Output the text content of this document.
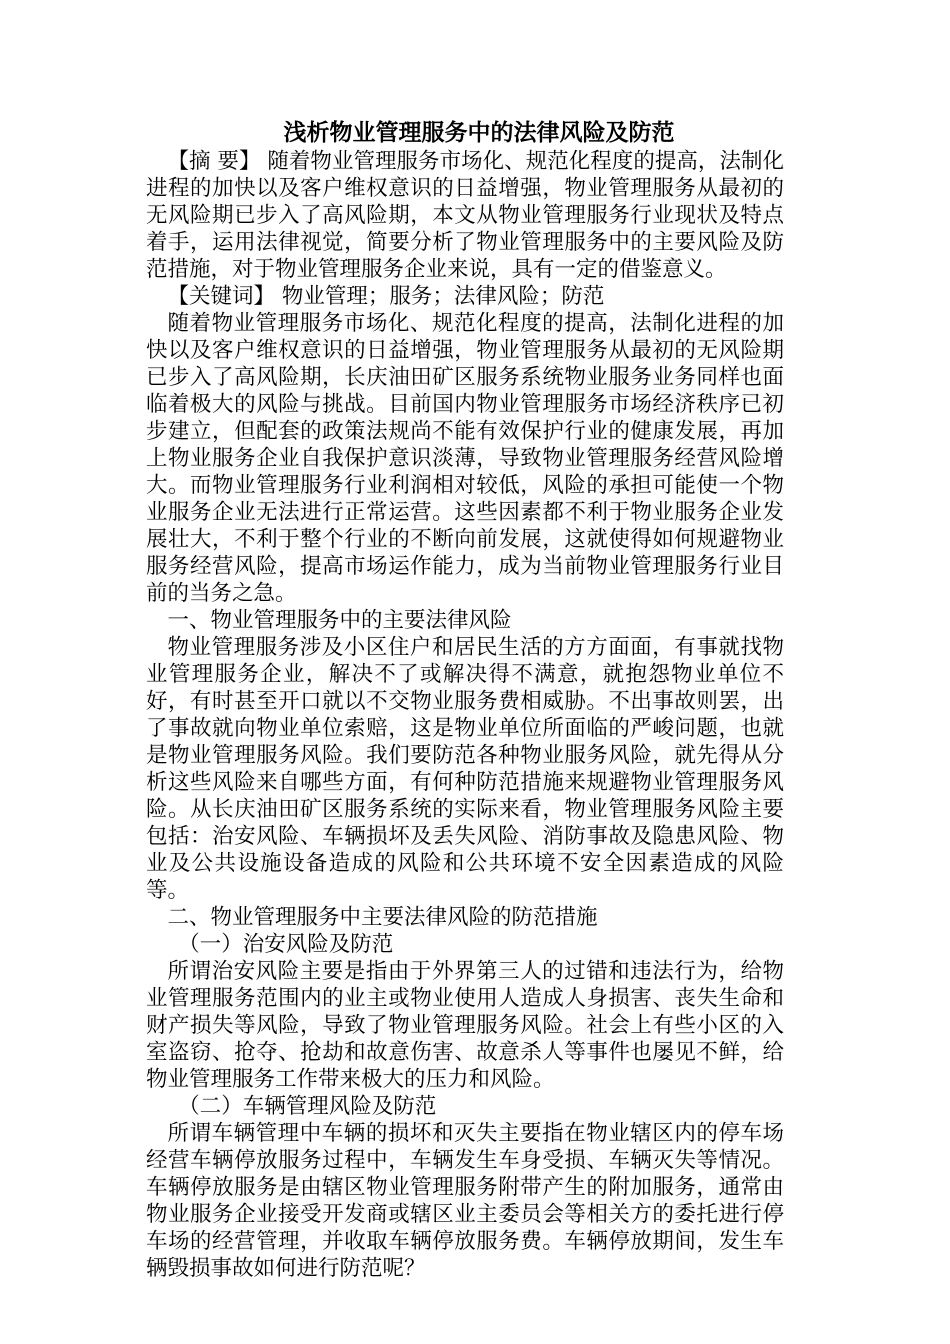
浅析物业管理服务中的法律风险及防范

【摘 要】 随着物业管理服务市场化、规范化程度的提高，法制化进程的加快以及客户维权意识的日益增强，物业管理服务从最初的无风险期已步入了高风险期，本文从物业管理服务行业现状及特点着手，运用法律视觉，简要分析了物业管理服务中的主要风险及防范措施，对于物业管理服务企业来说，具有一定的借鉴意义。

【关键词】 物业管理；服务；法律风险；防范

随着物业管理服务市场化、规范化程度的提高，法制化进程的加快以及客户维权意识的日益增强，物业管理服务从最初的无风险期已步入了高风险期，长庆油田矿区服务系统物业服务业务同样也面临着极大的风险与挑战。目前国内物业管理服务市场经济秩序已初步建立，但配套的政策法规尚不能有效保护行业的健康发展，再加上物业服务企业自我保护意识淡薄，导致物业管理服务经营风险增大。而物业管理服务行业利润相对较低，风险的承担可能使一个物业服务企业无法进行正常运营。这些因素都不利于物业服务企业发展壮大，不利于整个行业的不断向前发展，这就使得如何规避物业服务经营风险，提高市场运作能力，成为当前物业管理服务行业目前的当务之急。

一、物业管理服务中的主要法律风险

物业管理服务涉及小区住户和居民生活的方方面面，有事就找物业管理服务企业，解决不了或解决得不满意，就抱怨物业单位不好，有时甚至开口就以不交物业服务费相威胁。不出事故则罢，出了事故就向物业单位索赔，这是物业单位所面临的严峻问题，也就是物业管理服务风险。我们要防范各种物业服务风险，就先得从分析这些风险来自哪些方面，有何种防范措施来规避物业管理服务风险。从长庆油田矿区服务系统的实际来看，物业管理服务风险主要包括：治安风险、车辆损坏及丢失风险、消防事故及隐患风险、物业及公共设施设备造成的风险和公共环境不安全因素造成的风险等。

二、物业管理服务中主要法律风险的防范措施

（一）治安风险及防范

所谓治安风险主要是指由于外界第三人的过错和违法行为，给物业管理服务范围内的业主或物业使用人造成人身损害、丧失生命和财产损失等风险，导致了物业管理服务风险。社会上有些小区的入室盗窃、抢夺、抢劫和故意伤害、故意杀人等事件也屡见不鲜，给物业管理服务工作带来极大的压力和风险。

（二）车辆管理风险及防范

所谓车辆管理中车辆的损坏和灭失主要指在物业辖区内的停车场经营车辆停放服务过程中，车辆发生车身受损、车辆灭失等情况。车辆停放服务是由辖区物业管理服务附带产生的附加服务，通常由物业服务企业接受开发商或辖区业主委员会等相关方的委托进行停车场的经营管理，并收取车辆停放服务费。车辆停放期间，发生车辆毁损事故如何进行防范呢？
